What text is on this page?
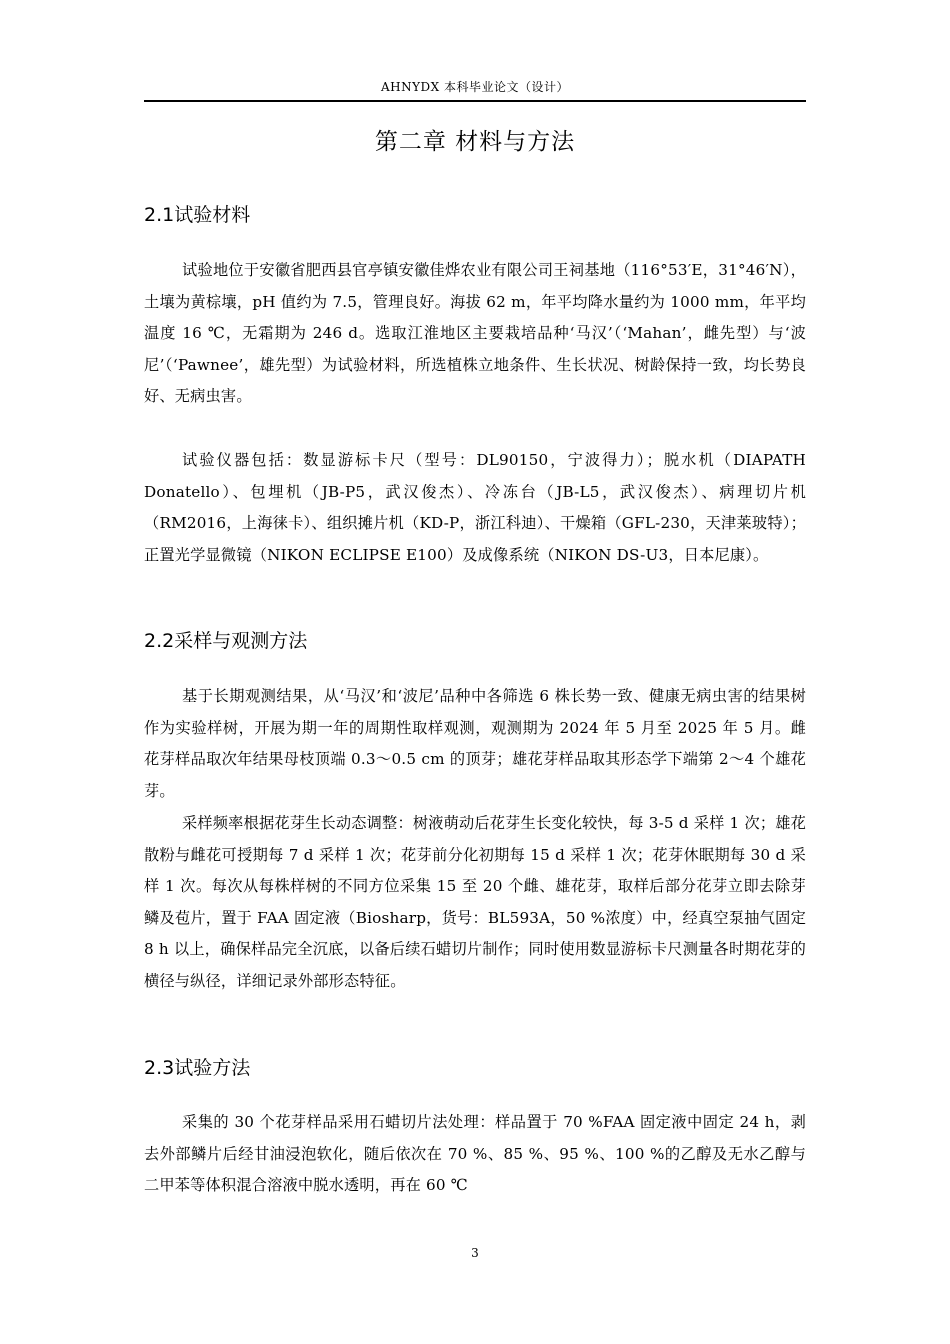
AHNYDX 本科毕业论文（设计）
第二章 材料与方法
2.1试验材料

试验地位于安徽省肥西县官亭镇安徽佳烨农业有限公司王祠基地（116°53′E，31°46′N），土壤为黄棕壤，pH 值约为 7.5，管理良好。海拔 62 m，年平均降水量约为 1000 mm，年平均温度 16 ℃，无霜期为 246 d。选取江淮地区主要栽培品种‘马汉’（‘Mahan’，雌先型）与‘波尼’（‘Pawnee’，雄先型）为试验材料，所选植株立地条件、生长状况、树龄保持一致，均长势良好、无病虫害。

试验仪器包括：数显游标卡尺（型号：DL90150，宁波得力）；脱水机（DIAPATH Donatello）、包埋机（JB-P5，武汉俊杰）、冷冻台（JB-L5，武汉俊杰）、病理切片机（RM2016，上海徕卡）、组织摊片机（KD-P，浙江科迪）、干燥箱（GFL-230，天津莱玻特）；正置光学显微镜（NIKON ECLIPSE E100）及成像系统（NIKON DS-U3，日本尼康）。

2.2采样与观测方法

基于长期观测结果，从‘马汉’和‘波尼’品种中各筛选 6 株长势一致、健康无病虫害的结果树作为实验样树，开展为期一年的周期性取样观测，观测期为 2024 年 5 月至 2025 年 5 月。雌花芽样品取次年结果母枝顶端 0.3～0.5 cm 的顶芽；雄花芽样品取其形态学下端第 2～4 个雄花芽。

采样频率根据花芽生长动态调整：树液萌动后花芽生长变化较快，每 3-5 d 采样 1 次；雄花散粉与雌花可授期每 7 d 采样 1 次；花芽前分化初期每 15 d 采样 1 次；花芽休眠期每 30 d 采样 1 次。每次从每株样树的不同方位采集 15 至 20 个雌、雄花芽，取样后部分花芽立即去除芽鳞及苞片，置于 FAA 固定液（Biosharp，货号：BL593A，50 %浓度）中，经真空泵抽气固定 8 h 以上，确保样品完全沉底，以备后续石蜡切片制作；同时使用数显游标卡尺测量各时期花芽的横径与纵径，详细记录外部形态特征。

2.3试验方法

采集的 30 个花芽样品采用石蜡切片法处理：样品置于 70 %FAA 固定液中固定 24 h，剥去外部鳞片后经甘油浸泡软化，随后依次在 70 %、85 %、95 %、100 %的乙醇及无水乙醇与二甲苯等体积混合溶液中脱水透明，再在 60 ℃

3
